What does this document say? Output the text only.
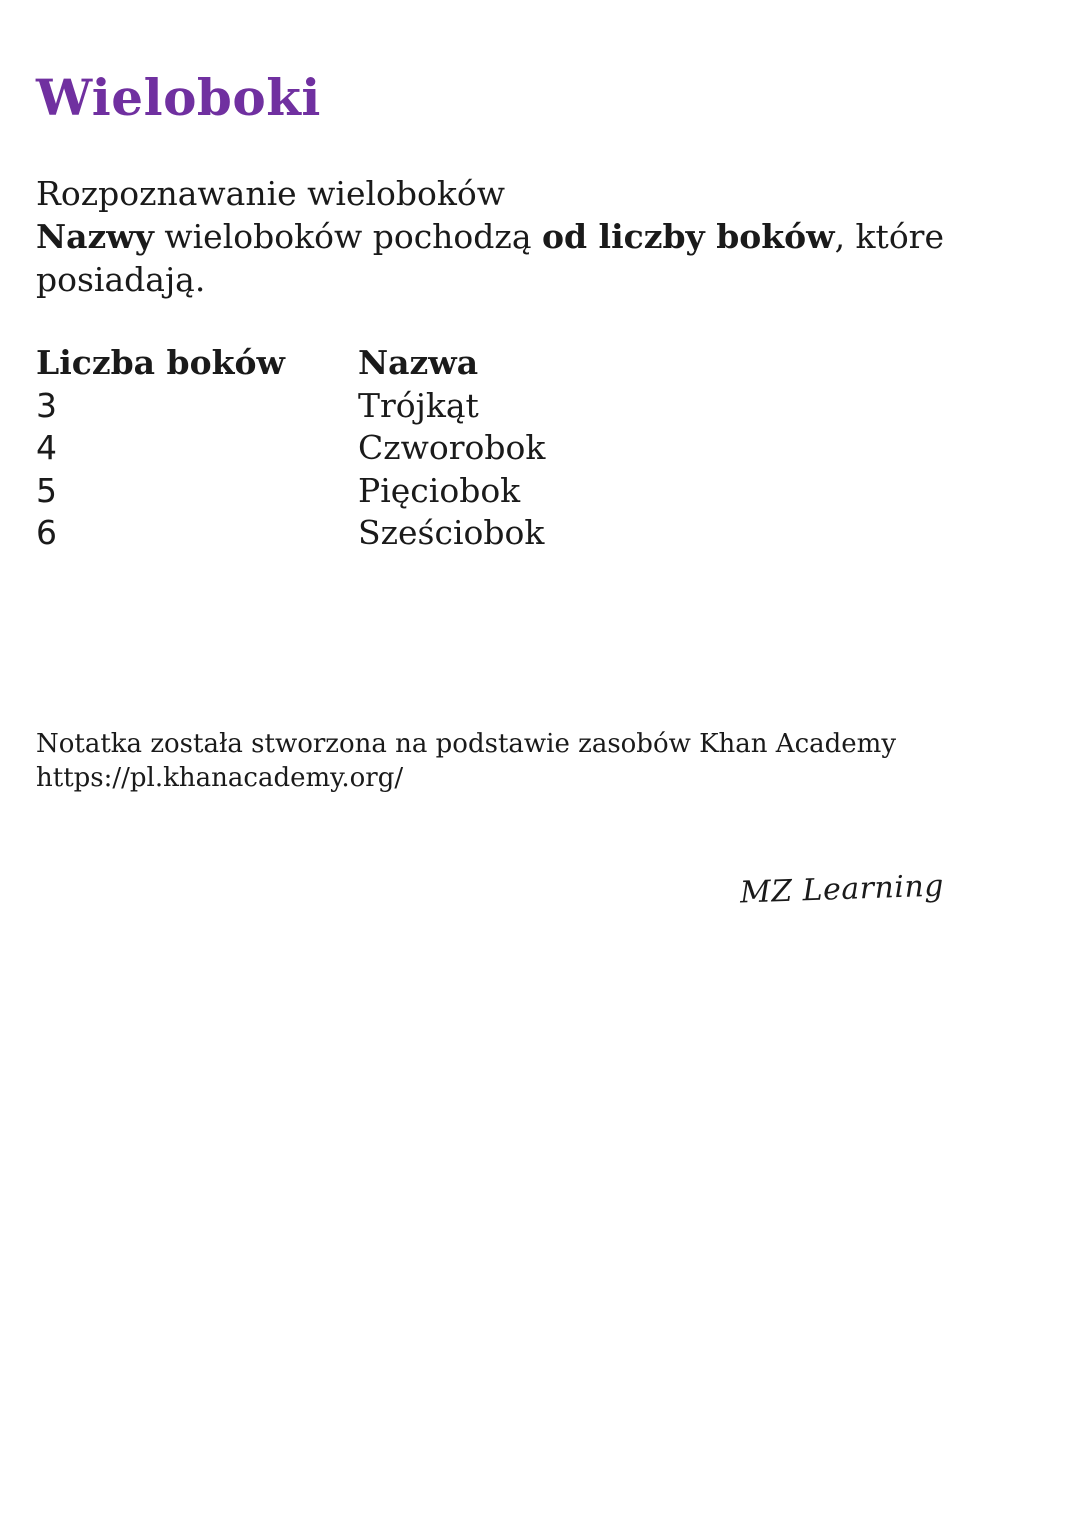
Wieloboki

Rozpoznawanie wieloboków

Nazwy wieloboków pochodzą od liczby boków, które posiadają.

Liczba boków	Nazwa
3	Trójkąt
4	Czworobok
5	Pięciobok
6	Sześciobok
Notatka została stworzona na podstawie zasobów Khan Academy
https://pl.khanacademy.org/
MZ Learning
